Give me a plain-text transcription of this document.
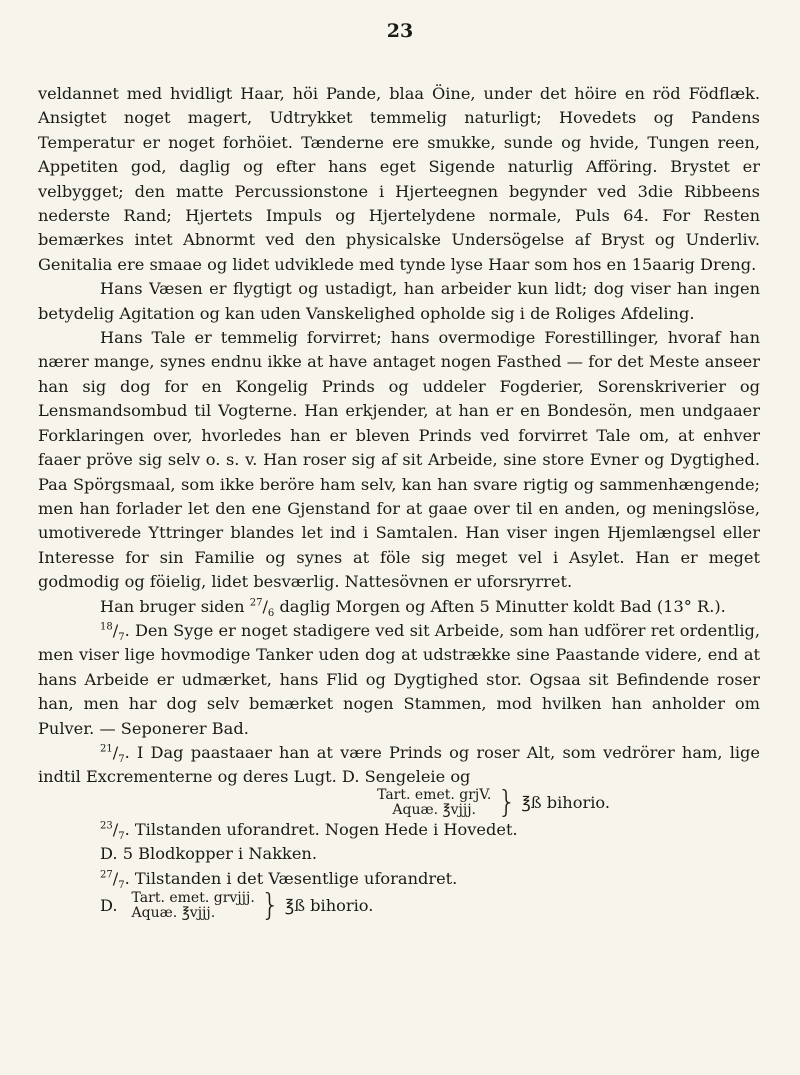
23

veldannet med hvidligt Haar, höi Pande, blaa Öine, under det höire en röd Födflæk. Ansigtet noget magert, Udtrykket temmelig naturligt; Hovedets og Pandens Temperatur er noget forhöiet. Tænderne ere smukke, sunde og hvide, Tungen reen, Appetiten god, daglig og efter hans eget Sigende naturlig Afföring. Brystet er velbygget; den matte Percussionstone i Hjerteegnen begynder ved 3die Ribbeens nederste Rand; Hjertets Impuls og Hjertelydene normale, Puls 64. For Resten bemærkes intet Abnormt ved den physicalske Undersögelse af Bryst og Underliv. Genitalia ere smaae og lidet udviklede med tynde lyse Haar som hos en 15aarig Dreng.

Hans Væsen er flygtigt og ustadigt, han arbeider kun lidt; dog viser han ingen betydelig Agitation og kan uden Vanskelighed opholde sig i de Roliges Afdeling.

Hans Tale er temmelig forvirret; hans overmodige Forestillinger, hvoraf han nærer mange, synes endnu ikke at have antaget nogen Fasthed — for det Meste anseer han sig dog for en Kongelig Prinds og uddeler Fogderier, Sorenskriverier og Lensmandsombud til Vogterne. Han erkjender, at han er en Bondesön, men undgaaer Forklaringen over, hvorledes han er bleven Prinds ved forvirret Tale om, at enhver faaer pröve sig selv o. s. v. Han roser sig af sit Arbeide, sine store Evner og Dygtighed. Paa Spörgsmaal, som ikke beröre ham selv, kan han svare rigtig og sammenhængende; men han forlader let den ene Gjenstand for at gaae over til en anden, og meningslöse, umotiverede Yttringer blandes let ind i Samtalen. Han viser ingen Hjemlængsel eller Interesse for sin Familie og synes at föle sig meget vel i Asylet. Han er meget godmodig og föielig, lidet besværlig. Nattesövnen er uforsryrret.

Han bruger siden $^{27}/_6$ daglig Morgen og Aften 5 Minutter koldt Bad (13° R.).

$^{18}/_7$. Den Syge er noget stadigere ved sit Arbeide, som han udförer ret ordentlig, men viser lige hovmodige Tanker uden dog at udstrække sine Paastande videre, end at hans Arbeide er udmærket, hans Flid og Dygtighed stor. Ogsaa sit Befindende roser han, men har dog selv bemærket nogen Stammen, mod hvilken han anholder om Pulver. — Seponerer Bad.

$^{21}/_7$. I Dag paastaaer han at være Prinds og roser Alt, som vedrörer ham, lige indtil Excrementerne og deres Lugt. D. Sengeleie og

Tart. emet. grjV.
Aquæ. ℥vjjj. } ℥ß bihorio.

$^{23}/_7$. Tilstanden uforandret. Nogen Hede i Hovedet.

D. 5 Blodkopper i Nakken.

$^{27}/_7$. Tilstanden i det Væsentlige uforandret.

D. Tart. emet. grvjjj.
Aquæ. ℥vjjj. } ℥ß bihorio.
